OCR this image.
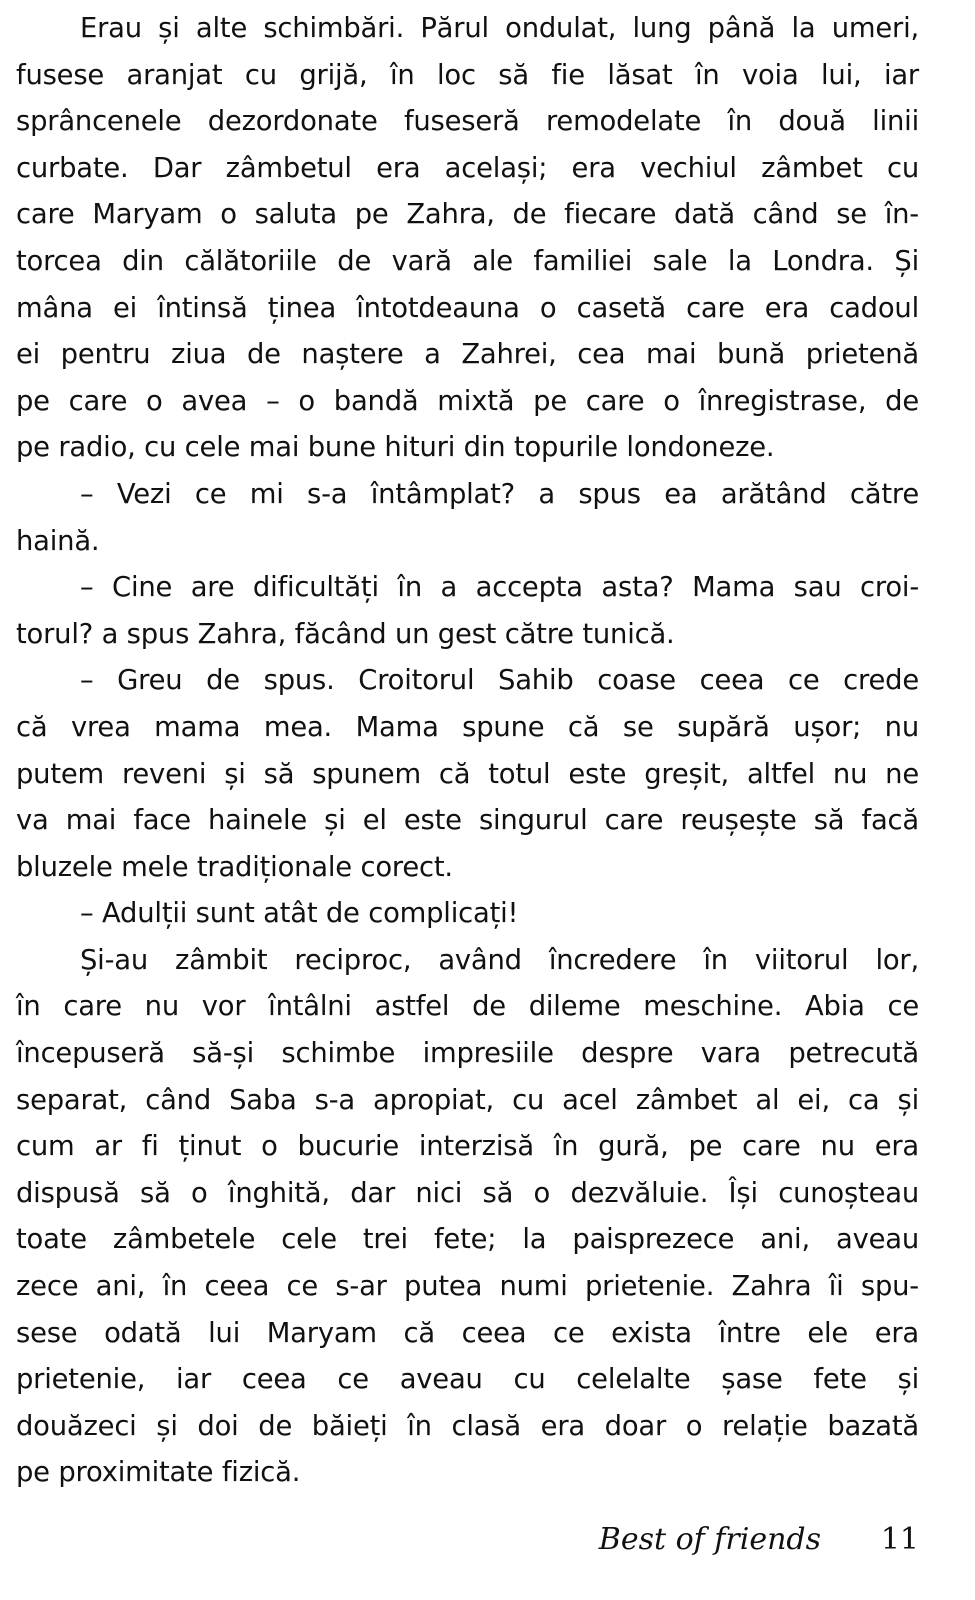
Erau și alte schimbări. Părul ondulat, lung până la umeri,
fusese aranjat cu grijă, în loc să fie lăsat în voia lui, iar
sprâncenele dezordonate fuseseră remodelate în două linii
curbate. Dar zâmbetul era același; era vechiul zâmbet cu
care Maryam o saluta pe Zahra, de fiecare dată când se în-
torcea din călătoriile de vară ale familiei sale la Londra. Și
mâna ei întinsă ținea întotdeauna o casetă care era cadoul
ei pentru ziua de naștere a Zahrei, cea mai bună prietenă
pe care o avea – o bandă mixtă pe care o înregistrase, de
pe radio, cu cele mai bune hituri din topurile londoneze.
– Vezi ce mi s-a întâmplat? a spus ea arătând către
haină.
– Cine are dificultăți în a accepta asta? Mama sau croi-
torul? a spus Zahra, făcând un gest către tunică.
– Greu de spus. Croitorul Sahib coase ceea ce crede
că vrea mama mea. Mama spune că se supără ușor; nu
putem reveni și să spunem că totul este greșit, altfel nu ne
va mai face hainele și el este singurul care reușește să facă
bluzele mele tradiționale corect.
– Adulții sunt atât de complicați!
Și-au zâmbit reciproc, având încredere în viitorul lor,
în care nu vor întâlni astfel de dileme meschine. Abia ce
începuseră să-și schimbe impresiile despre vara petrecută
separat, când Saba s-a apropiat, cu acel zâmbet al ei, ca și
cum ar fi ținut o bucurie interzisă în gură, pe care nu era
dispusă să o înghită, dar nici să o dezvăluie. Își cunoșteau
toate zâmbetele cele trei fete; la paisprezece ani, aveau
zece ani, în ceea ce s-ar putea numi prietenie. Zahra îi spu-
sese odată lui Maryam că ceea ce exista între ele era
prietenie, iar ceea ce aveau cu celelalte șase fete și
douăzeci și doi de băieți în clasă era doar o relație bazată
pe proximitate fizică.
Best of friends 11
